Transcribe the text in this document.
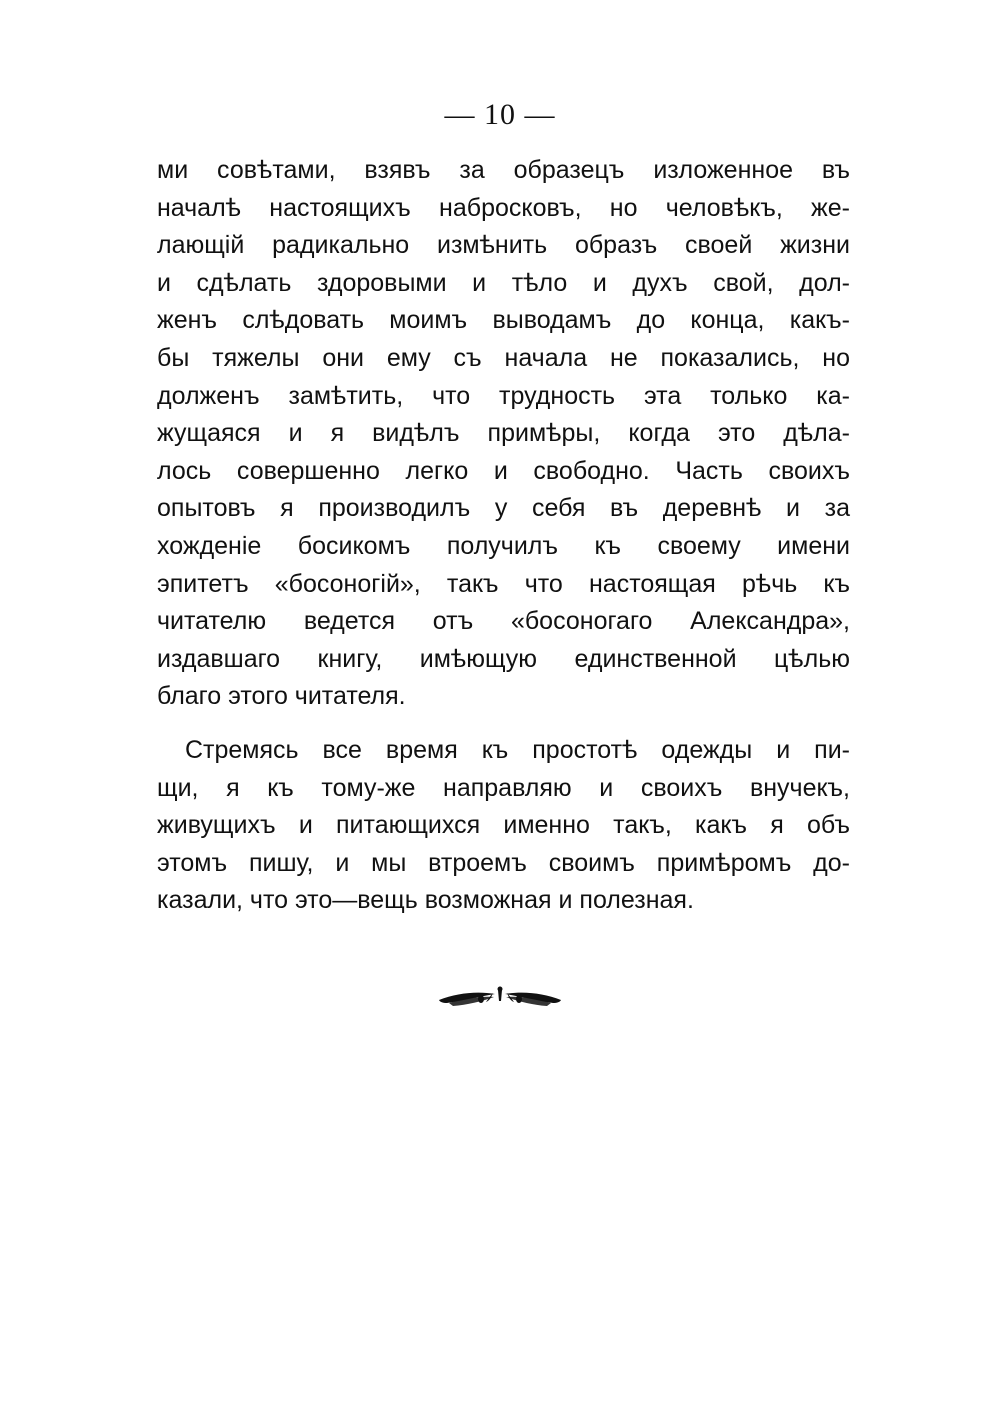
— 10 —
ми совѣтами, взявъ за образецъ изложенное въ
началѣ настоящихъ набросковъ, но человѣкъ, же-
лающій радикально измѣнить образъ своей жизни
и сдѣлать здоровыми и тѣло и духъ свой, дол-
женъ слѣдовать моимъ выводамъ до конца, какъ-
бы тяжелы они ему съ начала не показались, но
долженъ замѣтить, что трудность эта только ка-
жущаяся и я видѣлъ примѣры, когда это дѣла-
лось совершенно легко и свободно. Часть своихъ
опытовъ я производилъ у себя въ деревнѣ и за
хожденіе босикомъ получилъ къ своему имени
эпитетъ «босоногій», такъ что настоящая рѣчь къ
читателю ведется отъ «босоногаго Александра»,
издавшаго книгу, имѣющую единственной цѣлью
благо этого читателя.
Стремясь все время къ простотѣ одежды и пи-
щи, я къ тому-же направляю и своихъ внучекъ,
живущихъ и питающихся именно такъ, какъ я объ
этомъ пишу, и мы втроемъ своимъ примѣромъ до-
казали, что это—вещь возможная и полезная.
